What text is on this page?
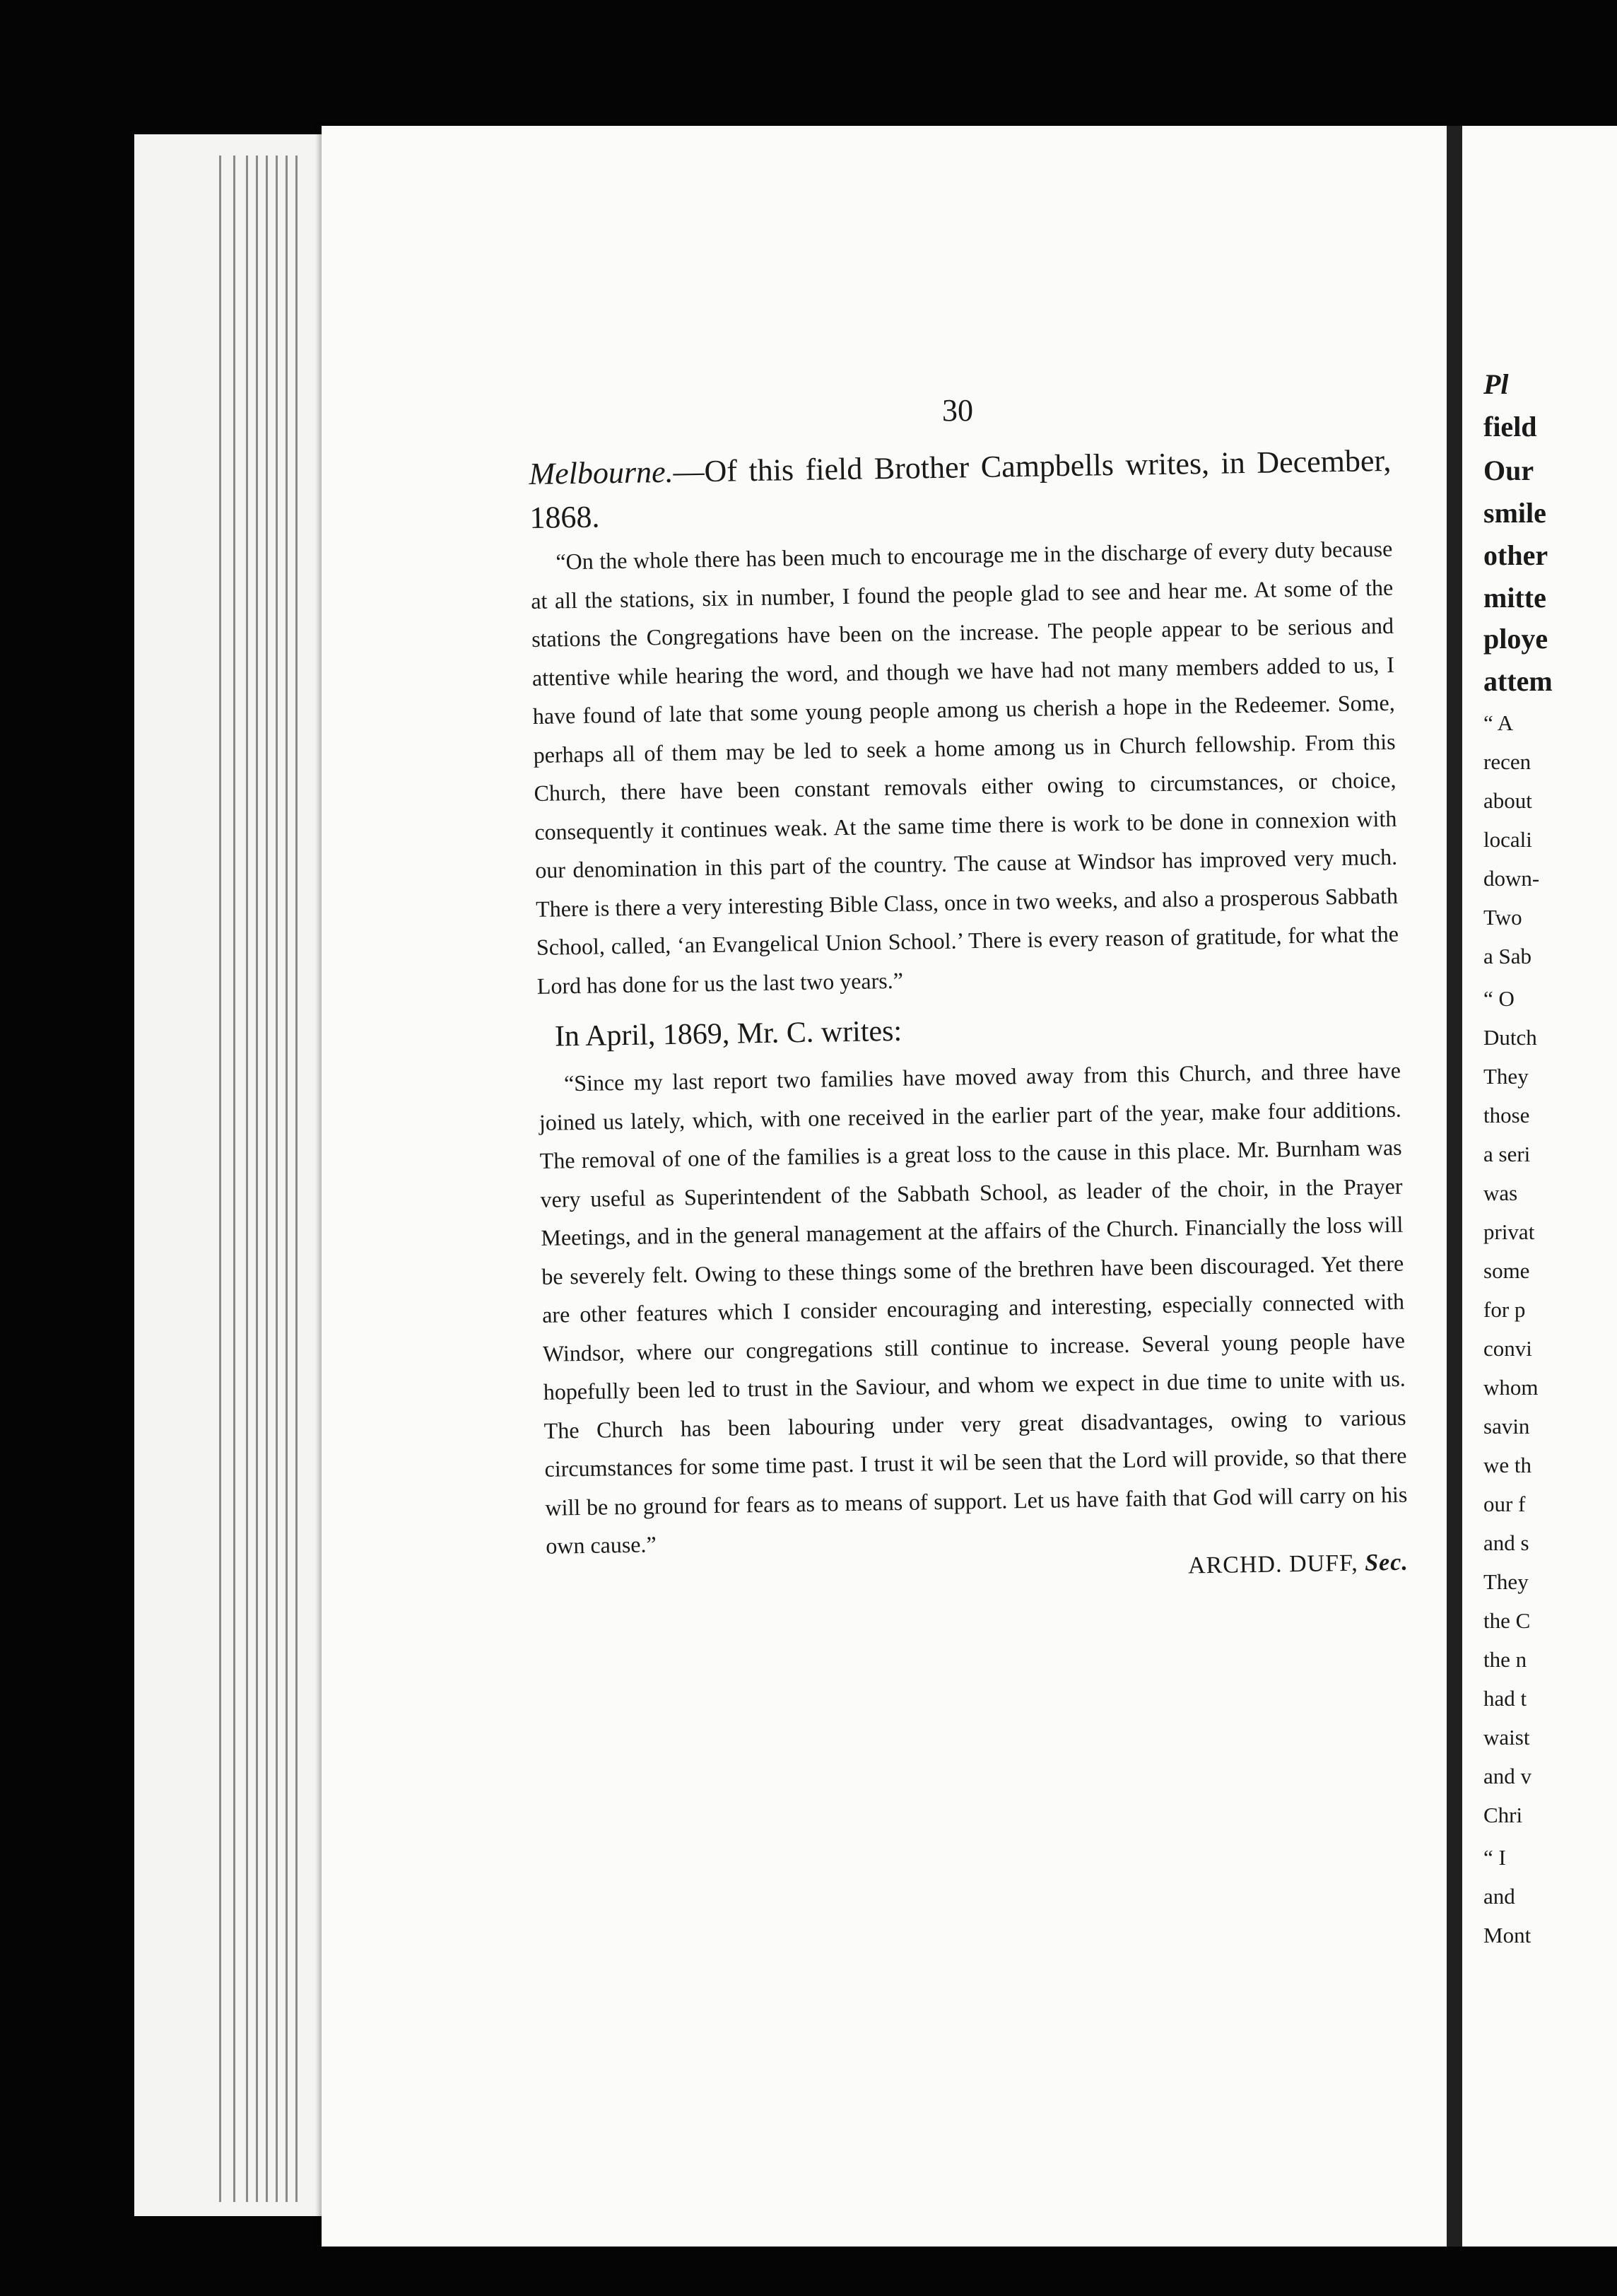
30

Melbourne.—Of this field Brother Campbells writes, in December, 1868.

“On the whole there has been much to encourage me in the discharge of every duty because at all the stations, six in number, I found the people glad to see and hear me. At some of the stations the Congregations have been on the increase. The people appear to be serious and attentive while hearing the word, and though we have had not many members added to us, I have found of late that some young people among us cherish a hope in the Redeemer. Some, perhaps all of them may be led to seek a home among us in Church fellowship. From this Church, there have been constant removals either owing to circumstances, or choice, consequently it continues weak. At the same time there is work to be done in connexion with our denomination in this part of the country. The cause at Windsor has improved very much. There is there a very interesting Bible Class, once in two weeks, and also a prosperous Sabbath School, called, ‘an Evangelical Union School.’ There is every reason of gratitude, for what the Lord has done for us the last two years.”

In April, 1869, Mr. C. writes:

“Since my last report two families have moved away from this Church, and three have joined us lately, which, with one received in the earlier part of the year, make four additions. The removal of one of the families is a great loss to the cause in this place. Mr. Burnham was very useful as Superintendent of the Sabbath School, as leader of the choir, in the Prayer Meetings, and in the general management at the affairs of the Church. Financially the loss will be severely felt. Owing to these things some of the brethren have been discouraged. Yet there are other features which I consider encouraging and interesting, especially connected with Windsor, where our congregations still continue to increase. Several young people have hopefully been led to trust in the Saviour, and whom we expect in due time to unite with us. The Church has been labouring under very great disadvantages, owing to various circumstances for some time past. I trust it wil be seen that the Lord will provide, so that there will be no ground for fears as to means of support. Let us have faith that God will carry on his own cause.”

ARCHD. DUFF, Sec.
Pl
field
Our
smile
other
mitte
ploye
attem
“ A
recen
about
locali
down-
Two
a Sab
“ O
Dutch
They
those
a seri
was
privat
some
for p
convi
whom
savin
we th
our f
and s
They
the C
the n
had t
waist
and v
Chri
“ I
and
Mont
